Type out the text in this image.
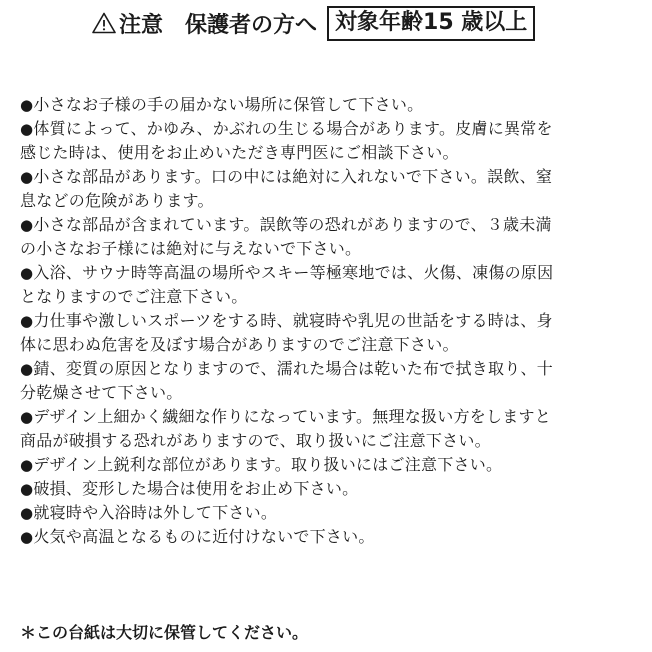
注意 保護者の方へ 対象年齢15 歳以上
●小さなお子様の手の届かない場所に保管して下さい。
●体質によって、かゆみ、かぶれの生じる場合があります。皮膚に異常を
感じた時は、使用をお止めいただき専門医にご相談下さい。
●小さな部品があります。口の中には絶対に入れないで下さい。誤飲、窒
息などの危険があります。
●小さな部品が含まれています。誤飲等の恐れがありますので、３歳未満
の小さなお子様には絶対に与えないで下さい。
●入浴、サウナ時等高温の場所やスキー等極寒地では、火傷、凍傷の原因
となりますのでご注意下さい。
●力仕事や激しいスポーツをする時、就寝時や乳児の世話をする時は、身
体に思わぬ危害を及ぼす場合がありますのでご注意下さい。
●錆、変質の原因となりますので、濡れた場合は乾いた布で拭き取り、十
分乾燥させて下さい。
●デザイン上細かく繊細な作りになっています。無理な扱い方をしますと
商品が破損する恐れがありますので、取り扱いにご注意下さい。
●デザイン上鋭利な部位があります。取り扱いにはご注意下さい。
●破損、変形した場合は使用をお止め下さい。
●就寝時や入浴時は外して下さい。
●火気や高温となるものに近付けないで下さい。
＊この台紙は大切に保管してください。
